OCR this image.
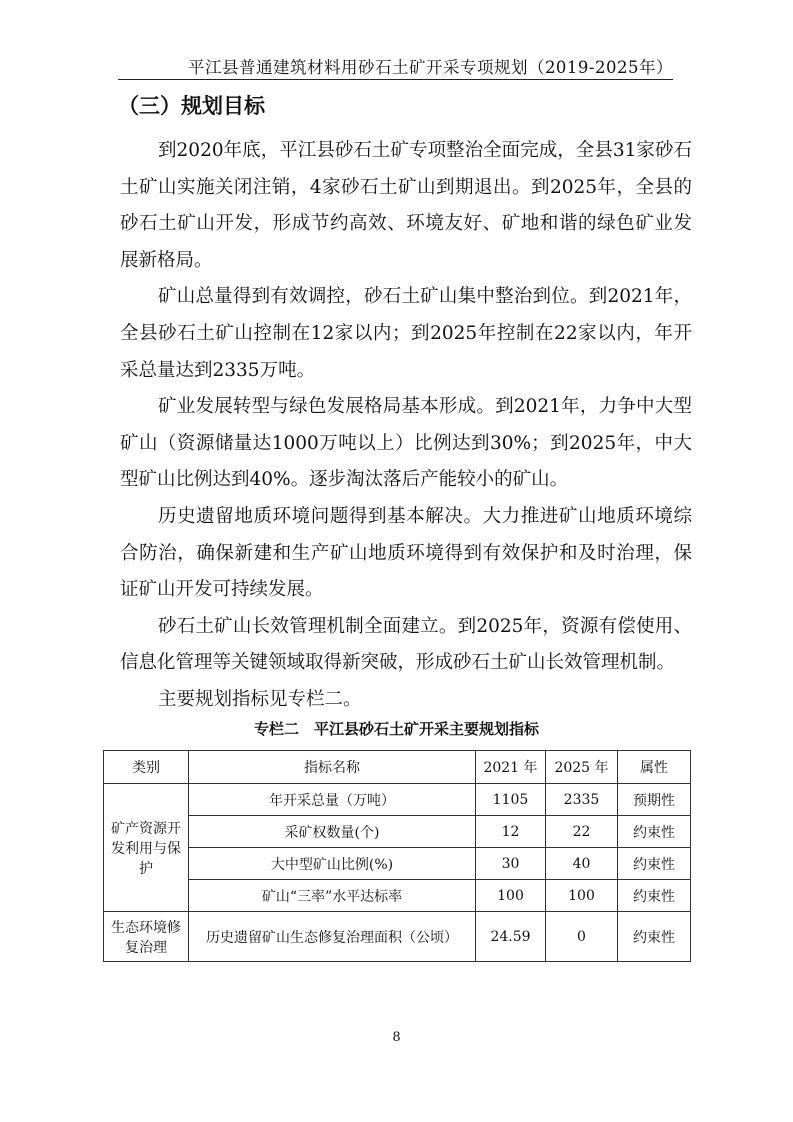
平江县普通建筑材料用砂石土矿开采专项规划（2019-2025年）
（三）规划目标

到2020年底，平江县砂石土矿专项整治全面完成，全县31家砂石土矿山实施关闭注销，4家砂石土矿山到期退出。到2025年，全县的砂石土矿山开发，形成节约高效、环境友好、矿地和谐的绿色矿业发展新格局。

矿山总量得到有效调控，砂石土矿山集中整治到位。到2021年，全县砂石土矿山控制在12家以内；到2025年控制在22家以内，年开采总量达到2335万吨。

矿业发展转型与绿色发展格局基本形成。到2021年，力争中大型矿山（资源储量达1000万吨以上）比例达到30%；到2025年，中大型矿山比例达到40%。逐步淘汰落后产能较小的矿山。

历史遗留地质环境问题得到基本解决。大力推进矿山地质环境综合防治，确保新建和生产矿山地质环境得到有效保护和及时治理，保证矿山开发可持续发展。

砂石土矿山长效管理机制全面建立。到2025年，资源有偿使用、信息化管理等关键领域取得新突破，形成砂石土矿山长效管理机制。

主要规划指标见专栏二。

专栏二　平江县砂石土矿开采主要规划指标
类别	指标名称	2021 年	2025 年	属性
矿产资源开发利用与保护	年开采总量（万吨）	1105	2335	预期性
	采矿权数量(个)	12	22	约束性
	大中型矿山比例(%)	30	40	约束性
	矿山“三率”水平达标率	100	100	约束性
生态环境修复治理	历史遗留矿山生态修复治理面积（公顷）	24.59	0	约束性
8
